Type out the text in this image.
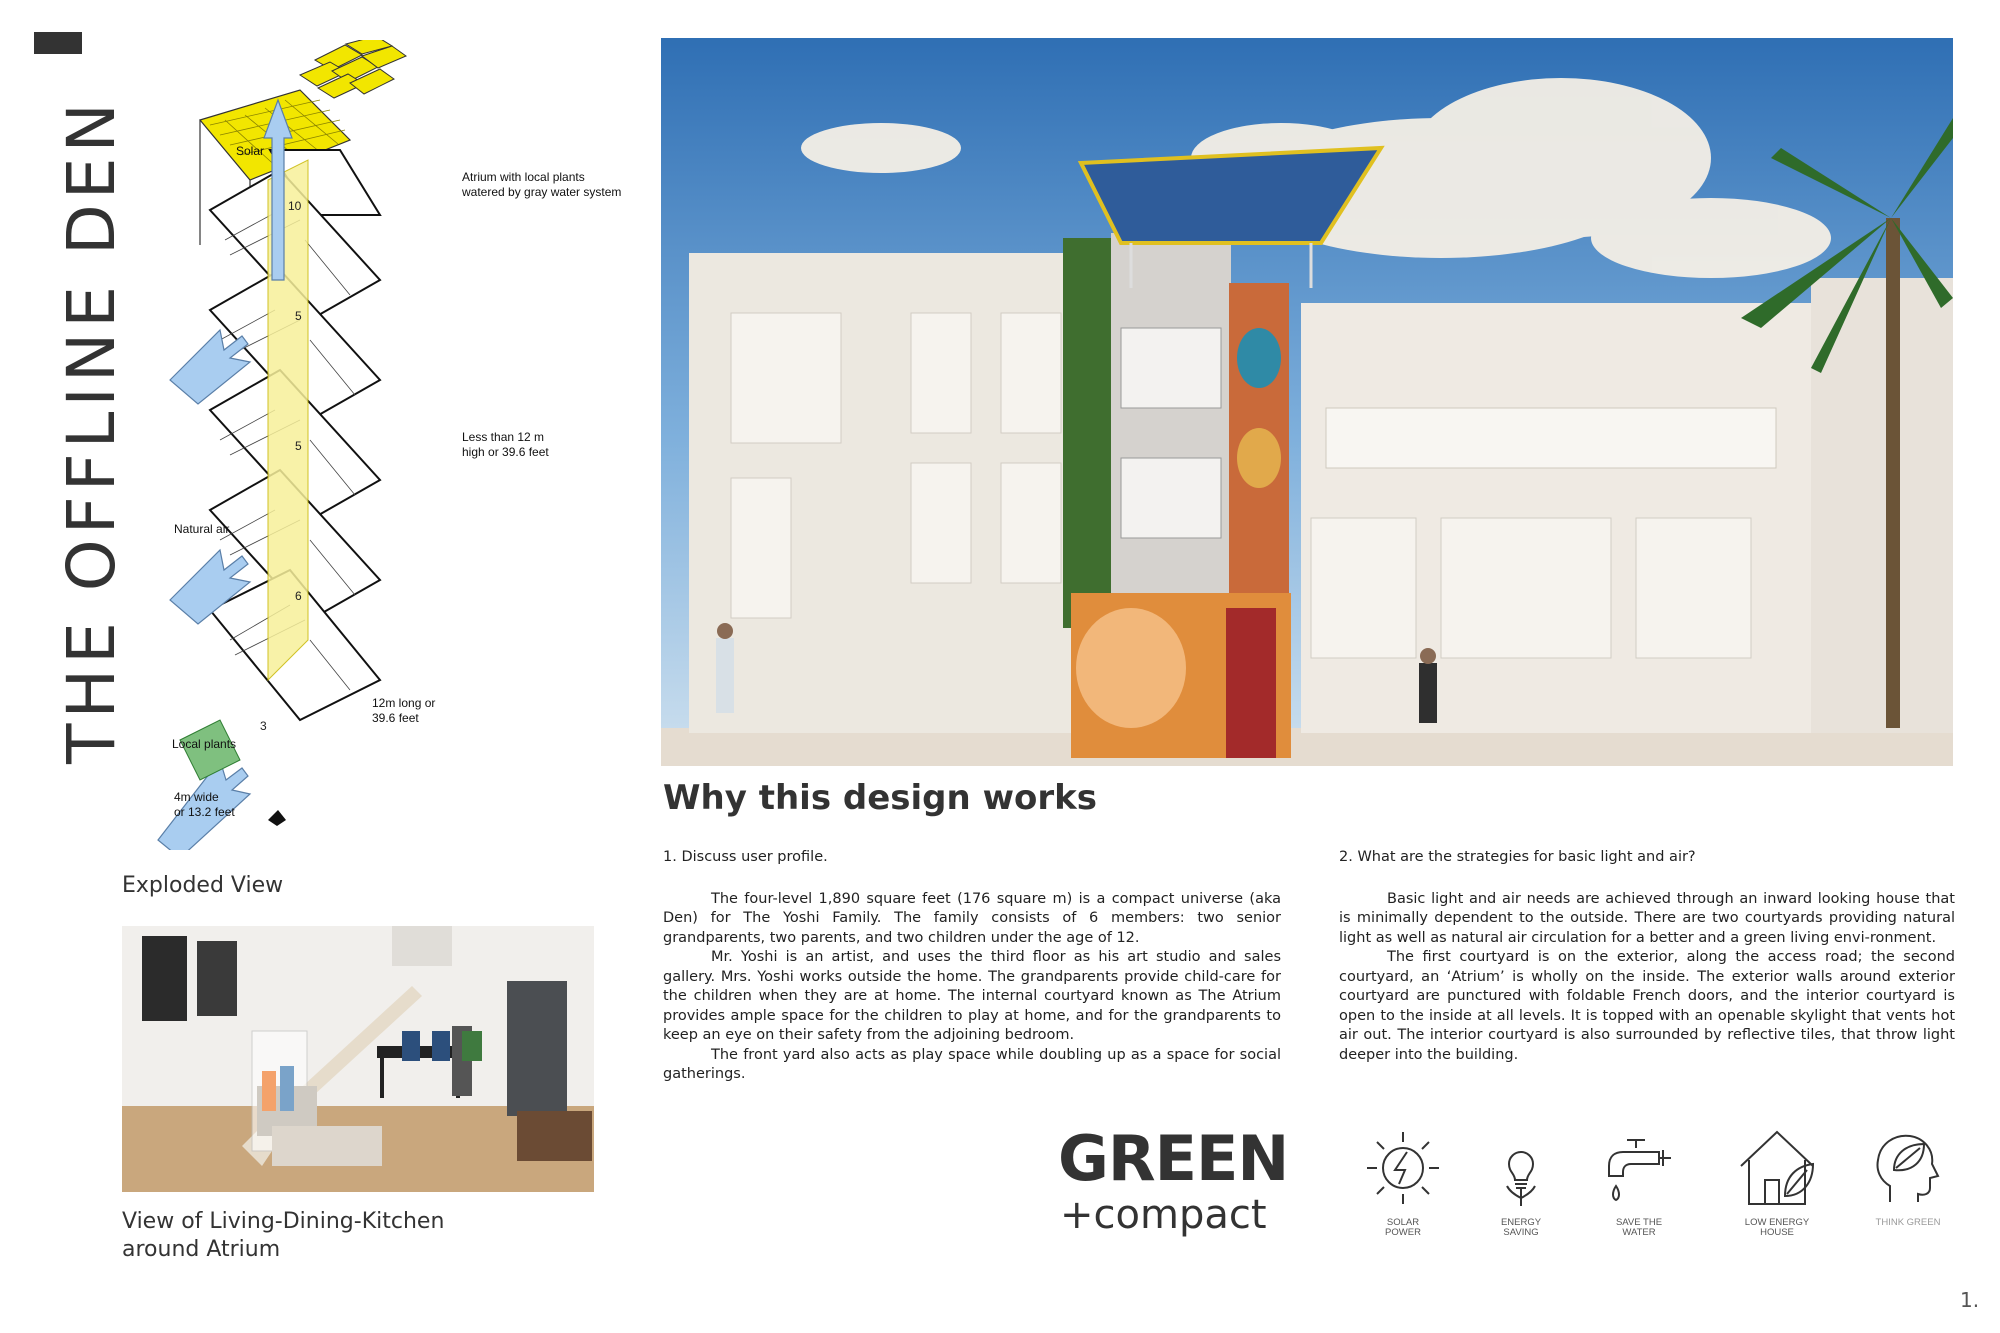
THE OFFLINE DEN	10
5
5
6
3
Solar
Atrium with local plants
watered by gray water system
Less than 12 m
high or 39.6 feet
Natural air
12m long or
39.6 feet
Local plants
4m wide
or 13.2 feet
Exploded View
View of Living-Dining-Kitchen
around Atrium
Why this design works
1. Discuss user profile.

The four-level 1,890 square feet (176 square m) is a compact universe (aka Den) for The Yoshi Family. The family consists of 6 members: two senior grandparents, two parents, and two children under the age of 12.

Mr. Yoshi is an artist, and uses the third floor as his art studio and sales gallery. Mrs. Yoshi works outside the home. The grandparents provide child-care for the children when they are at home. The internal courtyard known as The Atrium provides ample space for the children to play at home, and for the grandparents to keep an eye on their safety from the adjoining bedroom.

The front yard also acts as play space while doubling up as a space for social gatherings.

2. What are the strategies for basic light and air?

Basic light and air needs are achieved through an inward looking house that is minimally dependent to the outside. There are two courtyards providing natural light as well as natural air circulation for a better and a green living envi-ronment.

The first courtyard is on the exterior, along the access road; the second courtyard, an ‘Atrium’ is wholly on the inside. The exterior walls around exterior courtyard are punctured with foldable French doors, and the interior courtyard is open to the inside at all levels. It is topped with an openable skylight that vents hot air out. The interior courtyard is also surrounded by reflective tiles, that throw light deeper into the building.

GREEN
+compact	SOLAR
POWER
ENERGY
SAVING
SAVE THE
WATER
LOW ENERGY
HOUSE
THINK GREEN
1.
